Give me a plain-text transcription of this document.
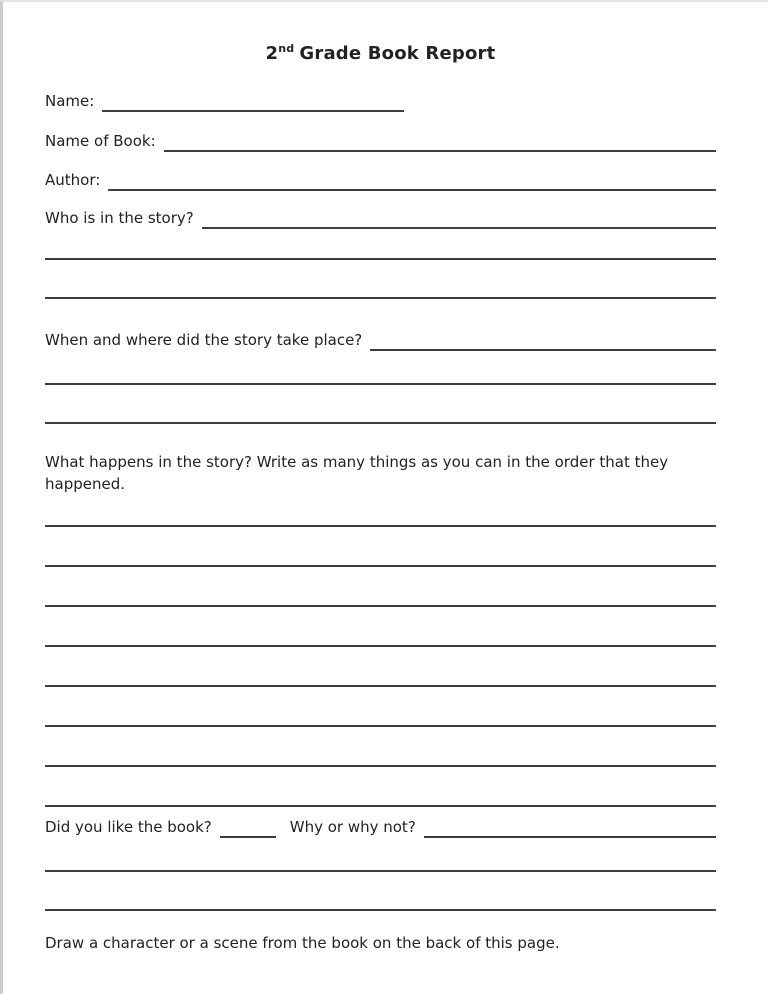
2nd Grade Book Report
Name:
Name of Book:
Author:
Who is in the story?
When and where did the story take place?
What happens in the story? Write as many things as you can in the order that they happened.
Did you like the book?	Why or why not?
Draw a character or a scene from the book on the back of this page.
